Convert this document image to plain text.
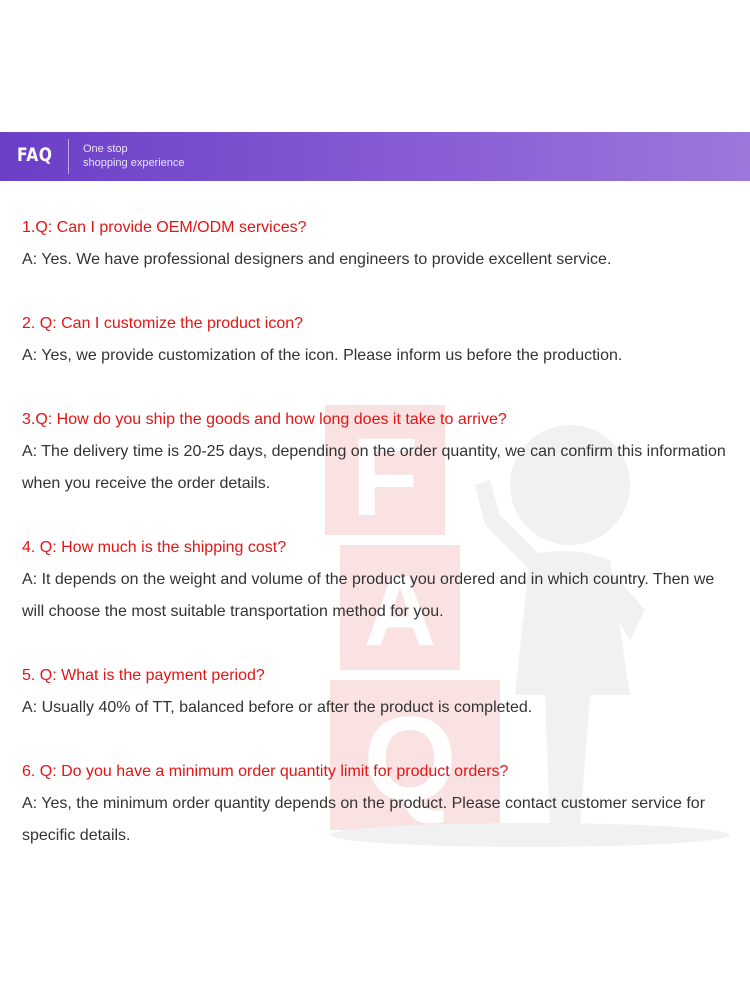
FAQ	One stop
shopping experience
F
A
Q
1.Q: Can I provide OEM/ODM services?
A: Yes. We have professional designers and engineers to provide excellent service.
2. Q: Can I customize the product icon?
A: Yes, we provide customization of the icon. Please inform us before the production.
3.Q: How do you ship the goods and how long does it take to arrive?
A: The delivery time is 20-25 days, depending on the order quantity, we can confirm this information when you receive the order details.
4. Q: How much is the shipping cost?
A: It depends on the weight and volume of the product you ordered and in which country. Then we will choose the most suitable transportation method for you.
5. Q: What is the payment period?
A: Usually 40% of TT, balanced before or after the product is completed.
6. Q: Do you have a minimum order quantity limit for product orders?
A: Yes, the minimum order quantity depends on the product. Please contact customer service for specific details.
